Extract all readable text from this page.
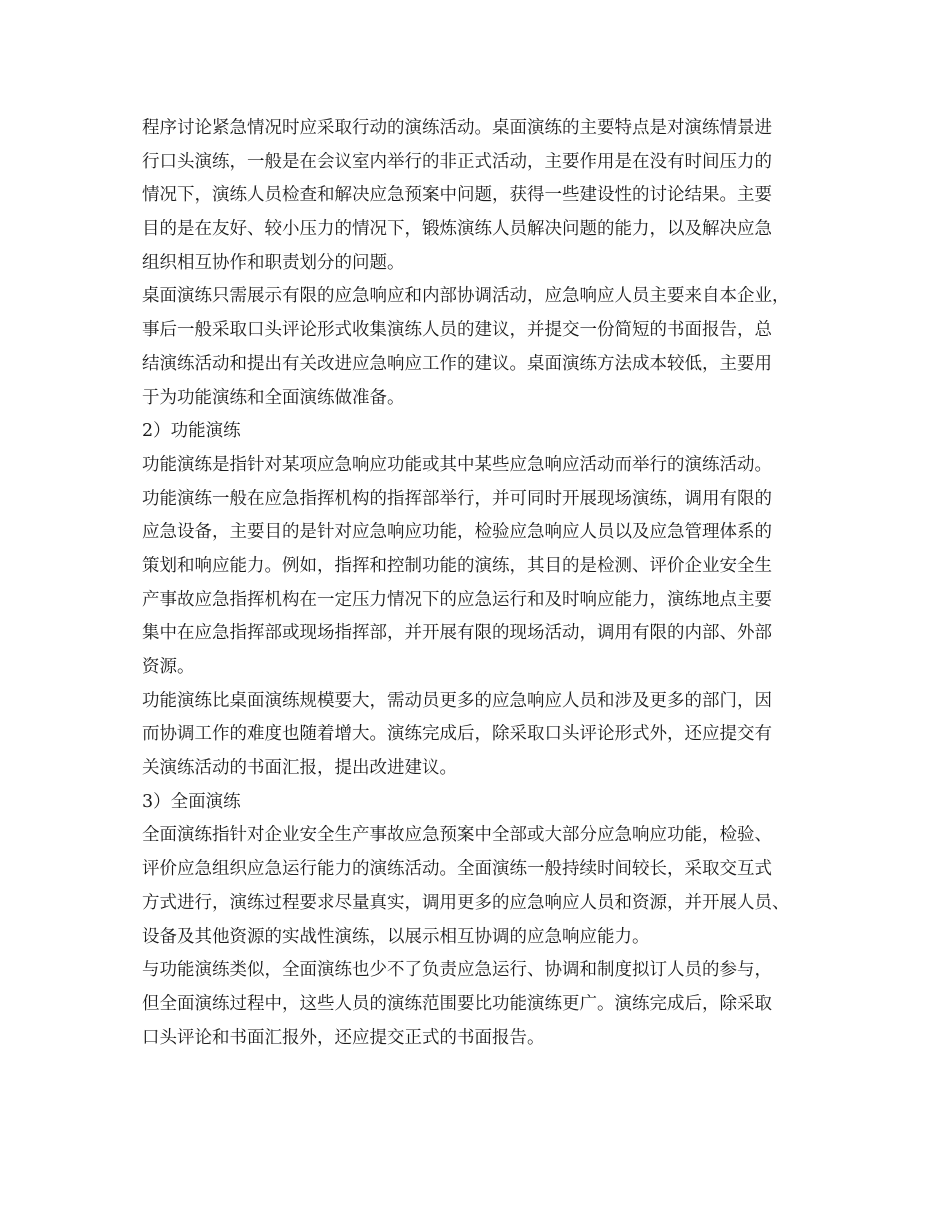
程序讨论紧急情况时应采取行动的演练活动。桌面演练的主要特点是对演练情景进
行口头演练，一般是在会议室内举行的非正式活动，主要作用是在没有时间压力的
情况下，演练人员检查和解决应急预案中问题，获得一些建设性的讨论结果。主要
目的是在友好、较小压力的情况下，锻炼演练人员解决问题的能力，以及解决应急
组织相互协作和职责划分的问题。
桌面演练只需展示有限的应急响应和内部协调活动，应急响应人员主要来自本企业，
事后一般采取口头评论形式收集演练人员的建议，并提交一份简短的书面报告，总
结演练活动和提出有关改进应急响应工作的建议。桌面演练方法成本较低，主要用
于为功能演练和全面演练做准备。
2）功能演练
功能演练是指针对某项应急响应功能或其中某些应急响应活动而举行的演练活动。
功能演练一般在应急指挥机构的指挥部举行，并可同时开展现场演练，调用有限的
应急设备，主要目的是针对应急响应功能，检验应急响应人员以及应急管理体系的
策划和响应能力。例如，指挥和控制功能的演练，其目的是检测、评价企业安全生
产事故应急指挥机构在一定压力情况下的应急运行和及时响应能力，演练地点主要
集中在应急指挥部或现场指挥部，并开展有限的现场活动，调用有限的内部、外部
资源。
功能演练比桌面演练规模要大，需动员更多的应急响应人员和涉及更多的部门，因
而协调工作的难度也随着增大。演练完成后，除采取口头评论形式外，还应提交有
关演练活动的书面汇报，提出改进建议。
3）全面演练
全面演练指针对企业安全生产事故应急预案中全部或大部分应急响应功能，检验、
评价应急组织应急运行能力的演练活动。全面演练一般持续时间较长，采取交互式
方式进行，演练过程要求尽量真实，调用更多的应急响应人员和资源，并开展人员、
设备及其他资源的实战性演练，以展示相互协调的应急响应能力。
与功能演练类似，全面演练也少不了负责应急运行、协调和制度拟订人员的参与，
但全面演练过程中，这些人员的演练范围要比功能演练更广。演练完成后，除采取
口头评论和书面汇报外，还应提交正式的书面报告。
